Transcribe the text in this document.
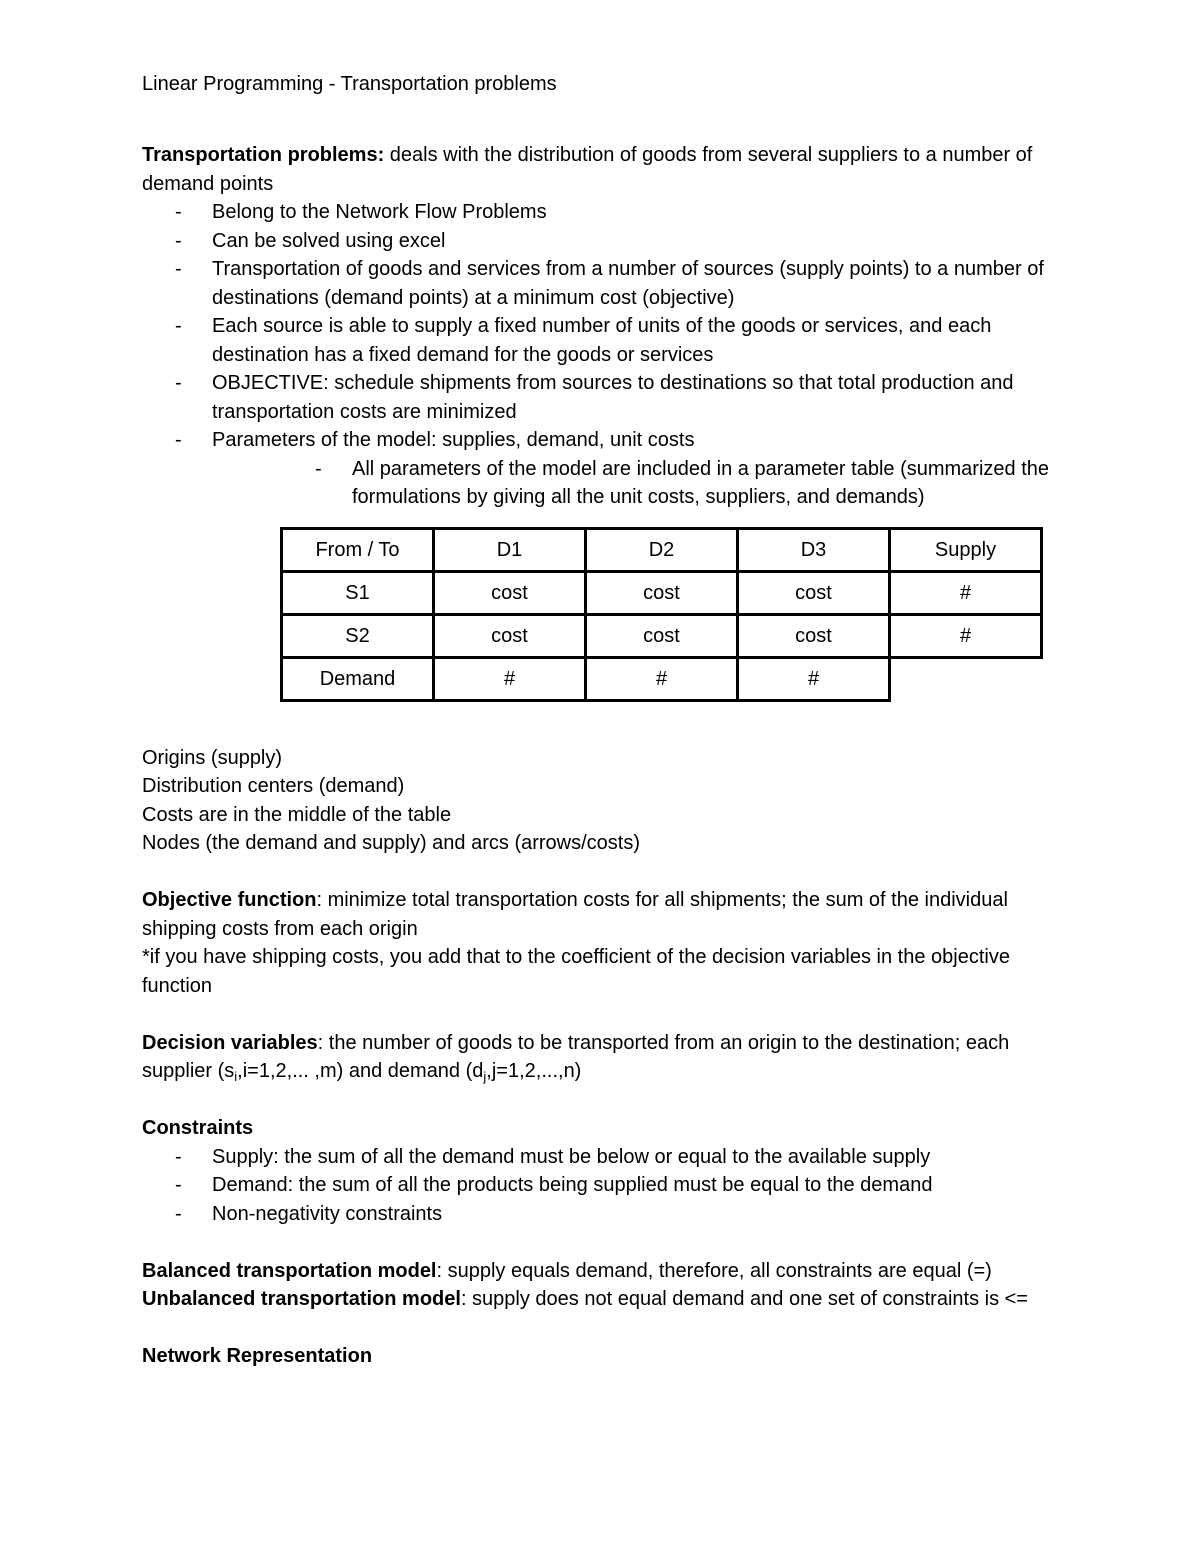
Linear Programming - Transportation problems

Transportation problems: deals with the distribution of goods from several suppliers to a number of demand points

- Belong to the Network Flow Problems
- Can be solved using excel
- Transportation of goods and services from a number of sources (supply points) to a number of destinations (demand points) at a minimum cost (objective)
- Each source is able to supply a fixed number of units of the goods or services, and each destination has a fixed demand for the goods or services
- OBJECTIVE: schedule shipments from sources to destinations so that total production and transportation costs are minimized
- Parameters of the model: supplies, demand, unit costs
- All parameters of the model are included in a parameter table (summarized the formulations by giving all the unit costs, suppliers, and demands)
From / To	D1	D2	D3	Supply
S1	cost	cost	cost	#
S2	cost	cost	cost	#
Demand	#	#	#	

Origins (supply)

Distribution centers (demand)

Costs are in the middle of the table

Nodes (the demand and supply) and arcs (arrows/costs)

Objective function: minimize total transportation costs for all shipments; the sum of the individual shipping costs from each origin

*if you have shipping costs, you add that to the coefficient of the decision variables in the objective function

Decision variables: the number of goods to be transported from an origin to the destination; each supplier ($s_i,i=1,2$,... ,m) and demand $(d_j,j=1,2,...,n)$

Constraints

- Supply: the sum of all the demand must be below or equal to the available supply
- Demand: the sum of all the products being supplied must be equal to the demand
- Non-negativity constraints

Balanced transportation model: supply equals demand, therefore, all constraints are equal (=)

Unbalanced transportation model: supply does not equal demand and one set of constraints is <=

Network Representation
